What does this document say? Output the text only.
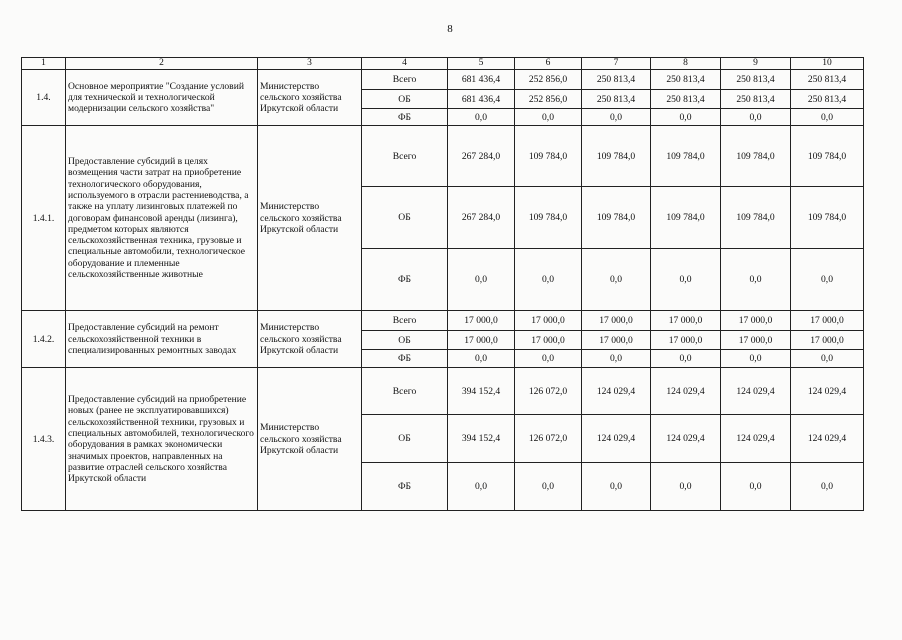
8
1	2	3	4	5	6	7	8	9	10
1.4.	Основное мероприятие "Создание условий для технической и технологической модернизации сельского хозяйства"	Министерство сельского хозяйства Иркутской области	Всего	681 436,4	252 856,0	250 813,4	250 813,4	250 813,4	250 813,4
			ОБ	681 436,4	252 856,0	250 813,4	250 813,4	250 813,4	250 813,4
			ФБ	0,0	0,0	0,0	0,0	0,0	0,0
1.4.1.	Предоставление субсидий в целях возмещения части затрат на приобретение технологического оборудования, используемого в отрасли растениеводства, а также на уплату лизинговых платежей по договорам финансовой аренды (лизинга), предметом которых являются сельскохозяйственная техника, грузовые и специальные автомобили, технологическое оборудование и племенные сельскохозяйственные животные	Министерство сельского хозяйства Иркутской области	Всего	267 284,0	109 784,0	109 784,0	109 784,0	109 784,0	109 784,0
			ОБ	267 284,0	109 784,0	109 784,0	109 784,0	109 784,0	109 784,0
			ФБ	0,0	0,0	0,0	0,0	0,0	0,0
1.4.2.	Предоставление субсидий на ремонт сельскохозяйственной техники в специализированных ремонтных заводах	Министерство сельского хозяйства Иркутской области	Всего	17 000,0	17 000,0	17 000,0	17 000,0	17 000,0	17 000,0
			ОБ	17 000,0	17 000,0	17 000,0	17 000,0	17 000,0	17 000,0
			ФБ	0,0	0,0	0,0	0,0	0,0	0,0
1.4.3.	Предоставление субсидий на приобретение новых (ранее не эксплуатировавшихся) сельскохозяйственной техники, грузовых и специальных автомобилей, технологического оборудования в рамках экономически значимых проектов, направленных на развитие отраслей сельского хозяйства Иркутской области	Министерство сельского хозяйства Иркутской области	Всего	394 152,4	126 072,0	124 029,4	124 029,4	124 029,4	124 029,4
			ОБ	394 152,4	126 072,0	124 029,4	124 029,4	124 029,4	124 029,4
			ФБ	0,0	0,0	0,0	0,0	0,0	0,0
